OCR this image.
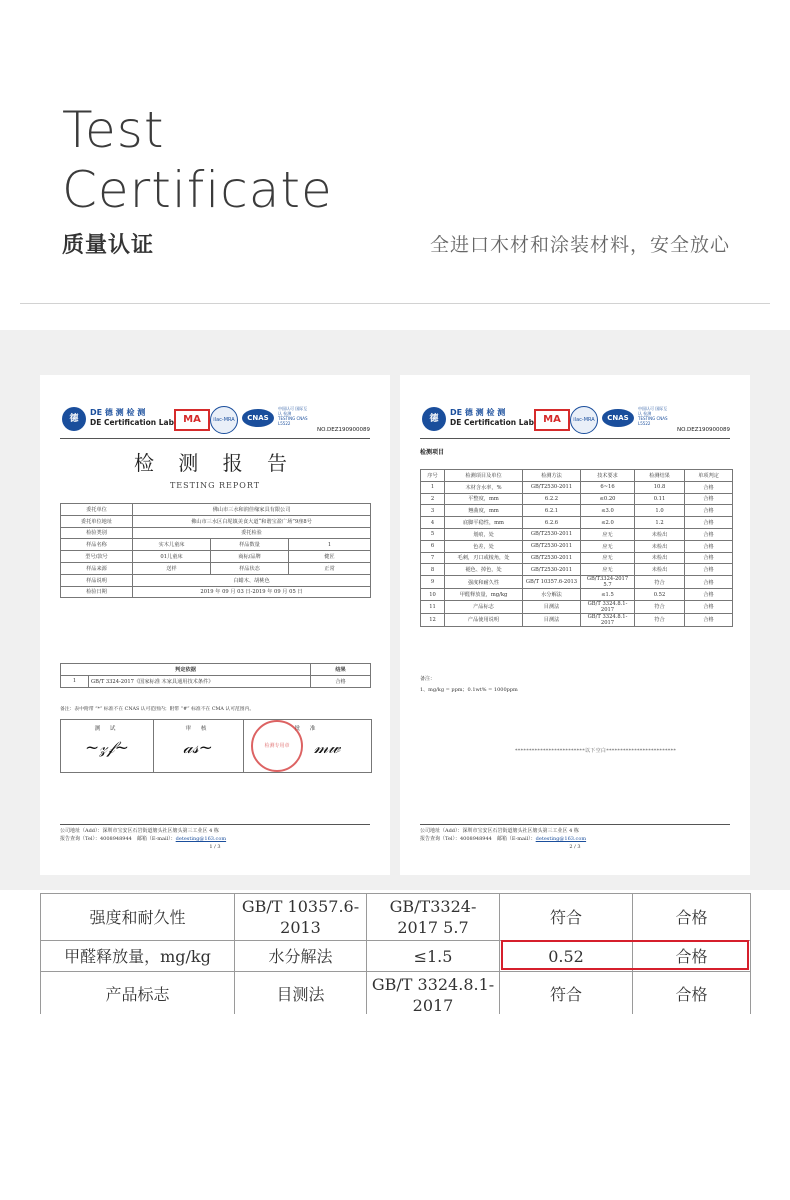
Test
Certificate
质量认证	全进口木材和涂装材料，安全放心
德
DE 德 测 检 测
DE Certification Lab MA	ilac-MRA	CNAS
中国认可 国际互认 检测 TESTING CNAS L5522
NO.DEZ190900089
检 测 报 告
TESTING REPORT
委托单位	佛山市三水和润佳缘家具有限公司		
委托单位地址	佛山市三水区白坭镇美食大道“和谐宝盈广场”9座8号		
检验类别	委托检验		
样品名称	实木儿童床	样品数量	1
型号/款号	01儿童床	商标/品牌	健匠
样品来源	送样	样品状态	正常
样品说明	白蜡木、胡桃色		
检验日期	2019 年 09 月 03 日-2019 年 09 月 05 日		
判定依据		结果
1	GB/T 3324-2017《国家标准 木家具通用技术条件》	合格
备注：表中附带 “*” 标准不在 CNAS 认可范围内；附带 “#” 标准不在 CMA 认可范围内。
测 试
~𝓏𝒻~
审 核
𝒶𝓈~
批 准
检测专用章	𝓂𝓌
公司地址（Add）：深圳市宝安区石岩街道塘头社区塘头第三工业区 4 栋
报告查询（Tel）：4008948944　邮箱（E-mail）：detesting@163.com
1 / 3
德
DE 德 测 检 测
DE Certification Lab MA	ilac-MRA	CNAS
中国认可 国际互认 检测 TESTING CNAS L5522
NO.DEZ190900089
检测项目
序号	检测项目及单位	检测方法	技术要求	检测结果	单项判定
1	木材含水率，%	GB/T2530-2011	6~16	10.8	合格
2	平整度，mm	6.2.2	≤0.20	0.11	合格
3	翘曲度，mm	6.2.1	≤3.0	1.0	合格
4	底脚平稳性，mm	6.2.6	≤2.0	1.2	合格
5	划痕，处	GB/T2530-2011	应无	未检出	合格
6	色差，处	GB/T2530-2011	应无	未检出	合格
7	毛刺，刃口或棱角，处	GB/T2530-2011	应无	未检出	合格
8	褪色、掉色，处	GB/T2530-2011	应无	未检出	合格
9	强度和耐久性	GB/T 10357.6-2013	GB/T3324-2017 5.7	符合	合格
10	甲醛释放量，mg/kg	水分解法	≤1.5	0.52	合格
11	产品标志	目测法	GB/T 3324.8.1-2017	符合	合格
12	产品使用说明	目测法	GB/T 3324.8.1-2017	符合	合格
备注：
1、mg/kg = ppm；0.1wt% = 1000ppm
*************************以下空白*************************
公司地址（Add）：深圳市宝安区石岩街道塘头社区塘头第三工业区 4 栋
报告查询（Tel）：4008948944　邮箱（E-mail）：detesting@163.com
2 / 3
强度和耐久性	GB/T 10357.6-2013	GB/T3324-2017 5.7	符合	合格
甲醛释放量，mg/kg	水分解法	≤1.5	0.52	合格
产品标志	目测法	GB/T 3324.8.1-2017	符合	合格
